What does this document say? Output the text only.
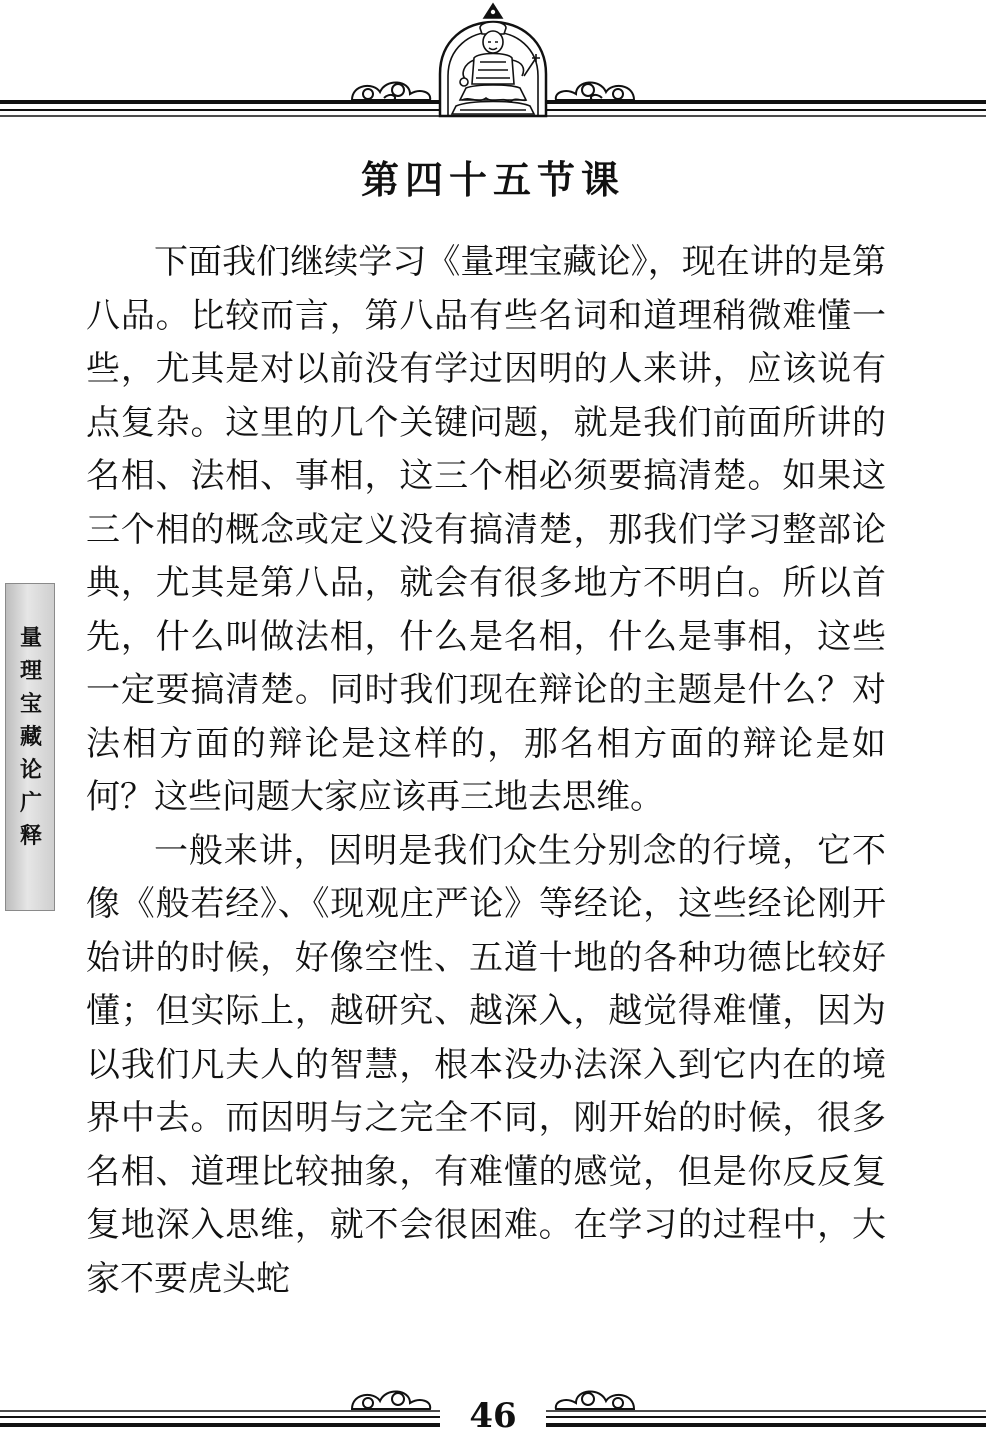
第四十五节课

下面我们继续学习《量理宝藏论》，现在讲的是第八品。比较而言，第八品有些名词和道理稍微难懂一些，尤其是对以前没有学过因明的人来讲，应该说有点复杂。这里的几个关键问题，就是我们前面所讲的名相、法相、事相，这三个相必须要搞清楚。如果这三个相的概念或定义没有搞清楚，那我们学习整部论典，尤其是第八品，就会有很多地方不明白。所以首先，什么叫做法相，什么是名相，什么是事相，这些一定要搞清楚。同时我们现在辩论的主题是什么？对法相方面的辩论是这样的，那名相方面的辩论是如何？这些问题大家应该再三地去思维。

一般来讲，因明是我们众生分别念的行境，它不像《般若经》、《现观庄严论》等经论，这些经论刚开始讲的时候，好像空性、五道十地的各种功德比较好懂；但实际上，越研究、越深入，越觉得难懂，因为以我们凡夫人的智慧，根本没办法深入到它内在的境界中去。而因明与之完全不同，刚开始的时候，很多名相、道理比较抽象，有难懂的感觉，但是你反反复复地深入思维，就不会很困难。在学习的过程中，大家不要虎头蛇

量理宝藏论广释
46
